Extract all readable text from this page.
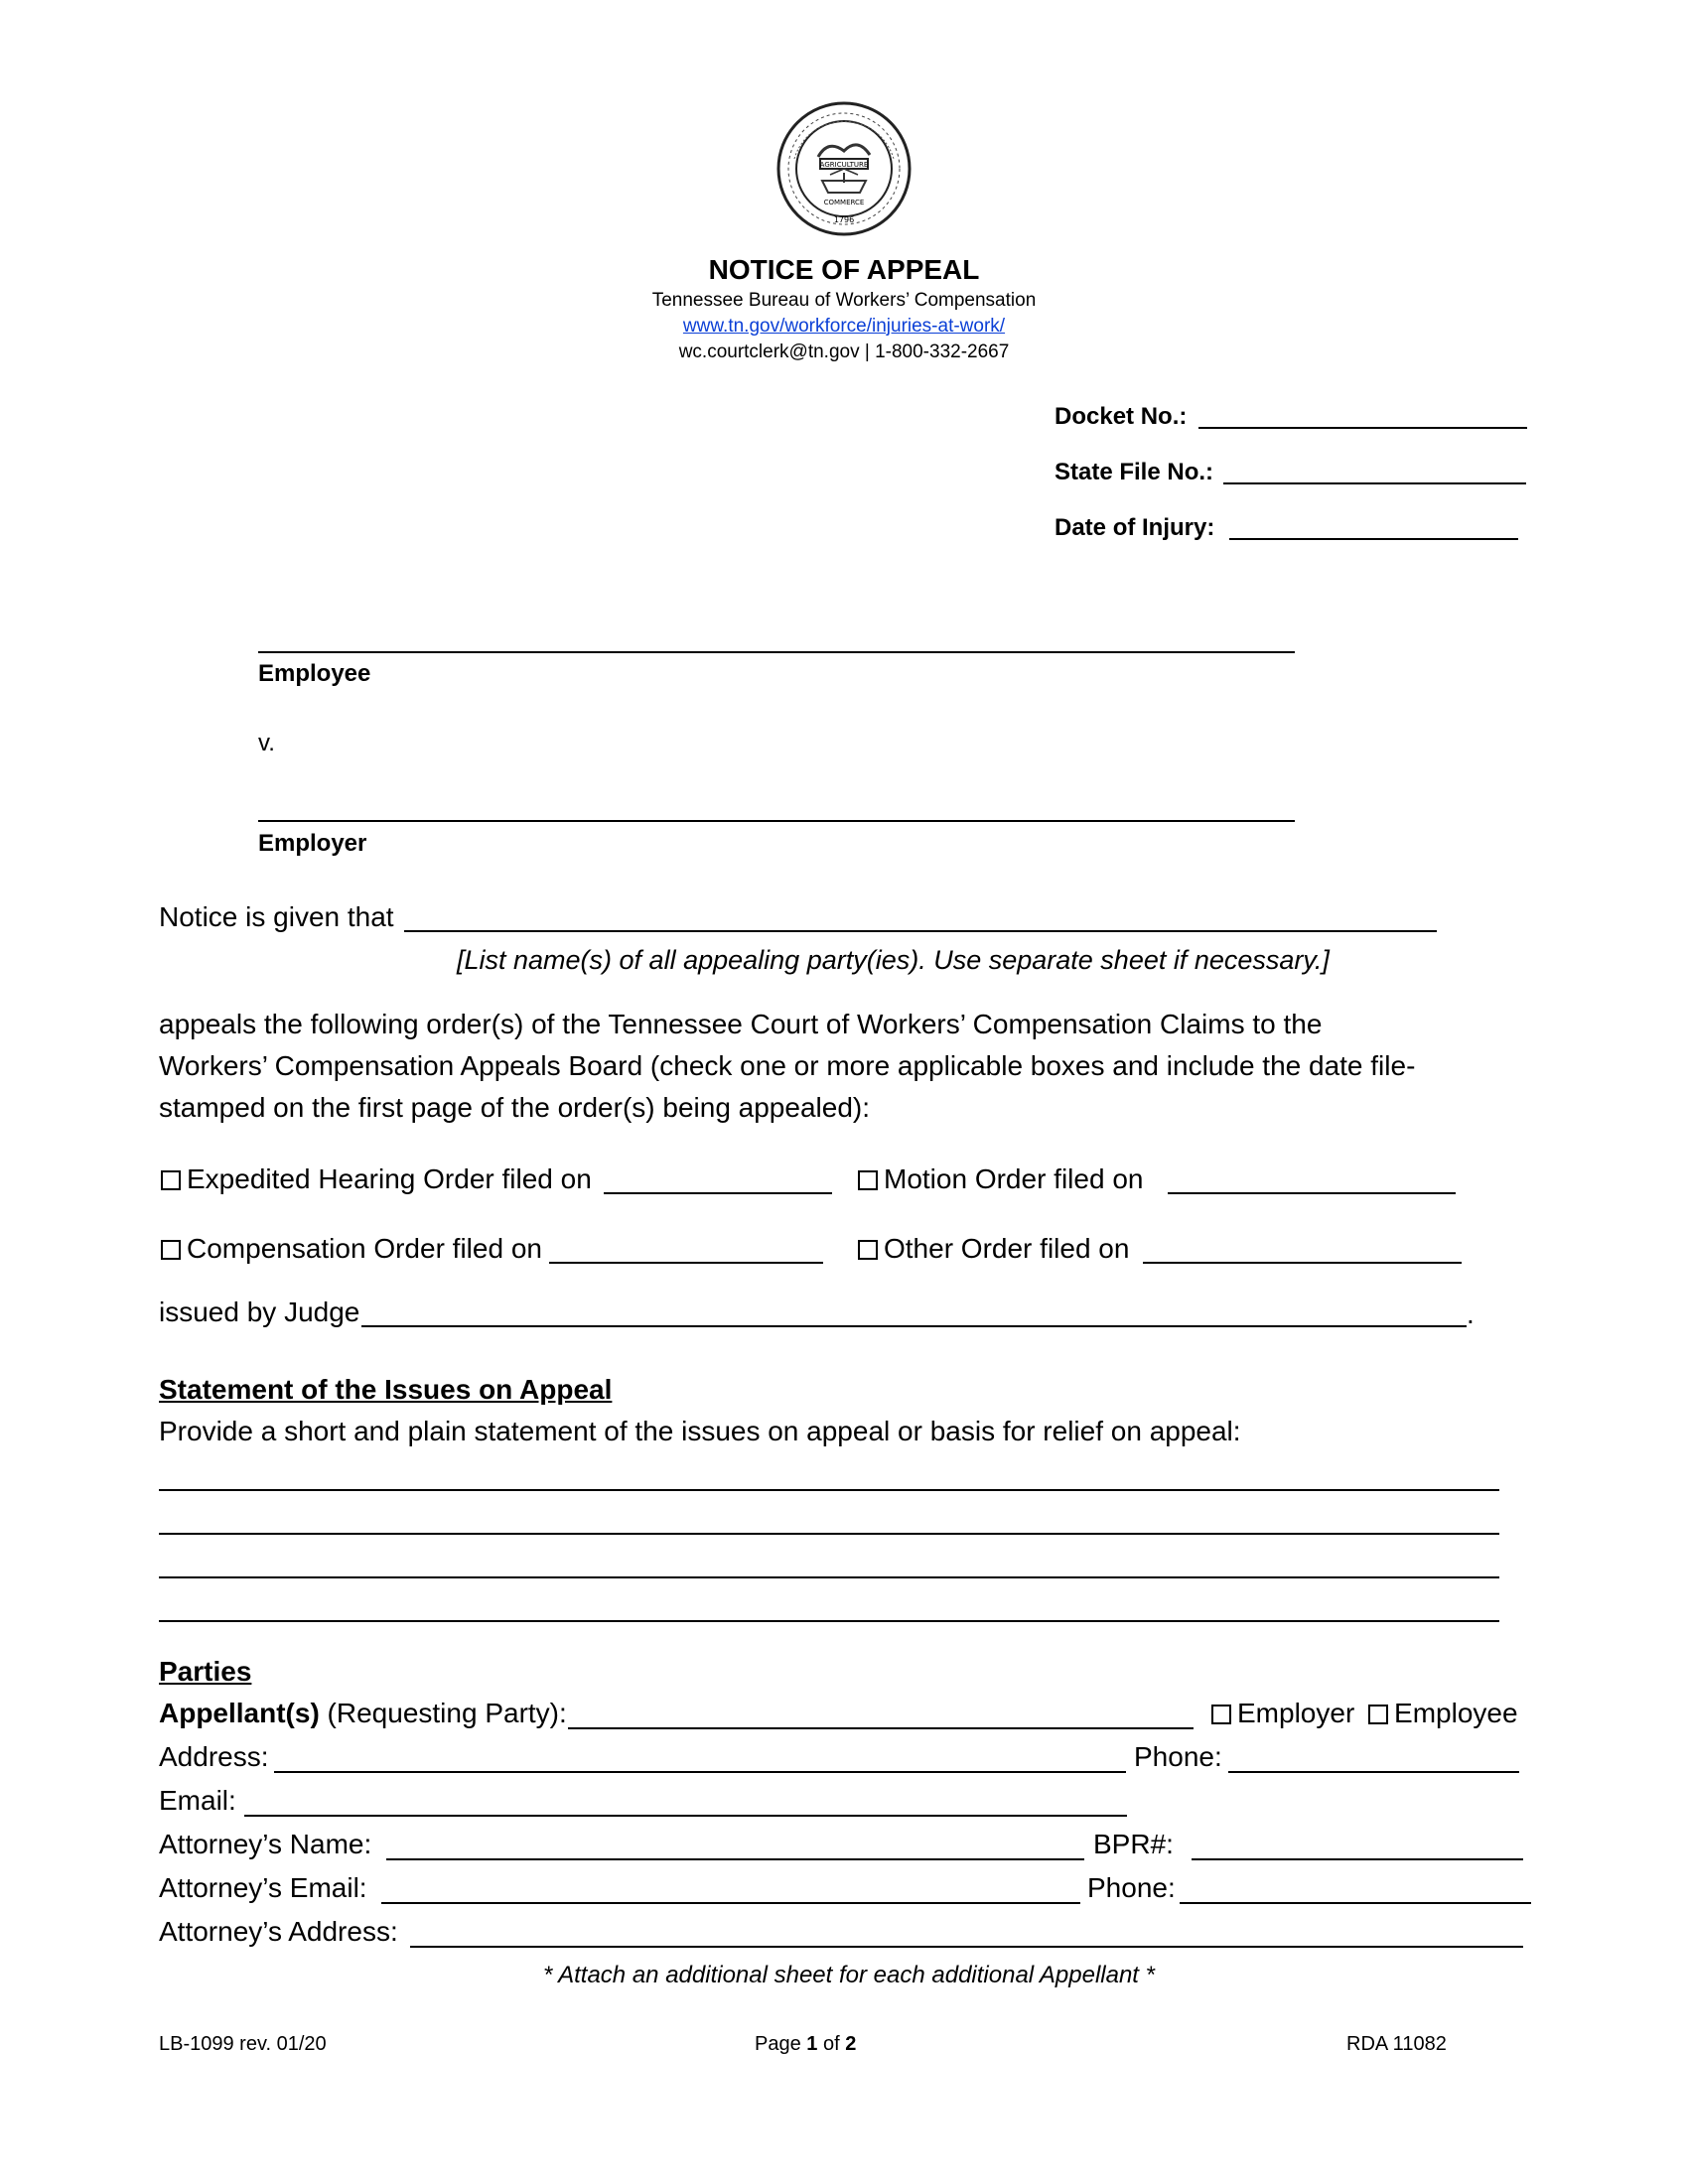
AGRICULTURE
COMMERCE
1796
NOTICE OF APPEAL
Tennessee Bureau of Workers’ Compensation
www.tn.gov/workforce/injuries-at-work/
wc.courtclerk@tn.gov | 1-800-332-2667
Docket No.:
State File No.:
Date of Injury:
Employee
v.
Employer
Notice is given that
[List name(s) of all appealing party(ies). Use separate sheet if necessary.]
appeals the following order(s) of the Tennessee Court of Workers’ Compensation Claims to the
Workers’ Compensation Appeals Board (check one or more applicable boxes and include the date file-
stamped on the first page of the order(s) being appealed):
Expedited Hearing Order filed on	Motion Order filed on
Compensation Order filed on	Other Order filed on
issued by Judge	.
Statement of the Issues on Appeal
Provide a short and plain statement of the issues on appeal or basis for relief on appeal:
Parties
Appellant(s) (Requesting Party):	Employer Employee
Address:	Phone:
Email:
Attorney’s Name:	BPR#:
Attorney’s Email:	Phone:
Attorney’s Address:
* Attach an additional sheet for each additional Appellant *
LB-1099 rev. 01/20	Page 1 of 2	RDA 11082
